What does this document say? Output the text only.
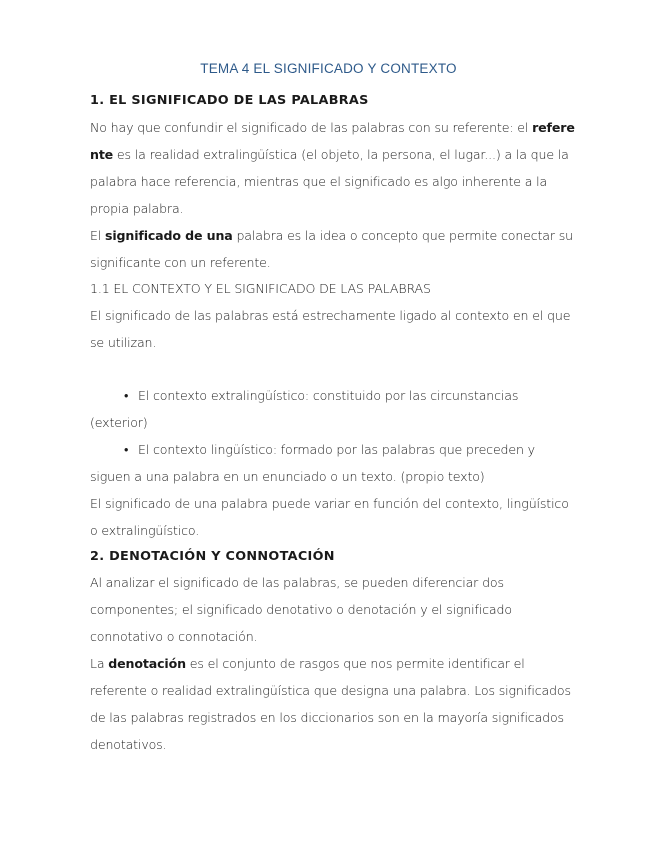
TEMA 4 EL SIGNIFICADO Y CONTEXTO
1. EL SIGNIFICADO DE LAS PALABRAS
No hay que confundir el significado de las palabras con su referente: el refere
nte es la realidad extralingüística (el objeto, la persona, el lugar...) a la que la
palabra hace referencia, mientras que el significado es algo inherente a la
propia palabra.
El significado de una palabra es la idea o concepto que permite conectar su
significante con un referente.
1.1 EL CONTEXTO Y EL SIGNIFICADO DE LAS PALABRAS
El significado de las palabras está estrechamente ligado al contexto en el que
se utilizan.
• El contexto extralingüístico: constituido por las circunstancias
(exterior)
• El contexto lingüístico: formado por las palabras que preceden y
siguen a una palabra en un enunciado o un texto. (propio texto)
El significado de una palabra puede variar en función del contexto, lingüístico
o extralingüístico.
2. DENOTACIÓN Y CONNOTACIÓN
Al analizar el significado de las palabras, se pueden diferenciar dos
componentes; el significado denotativo o denotación y el significado
connotativo o connotación.
La denotación es el conjunto de rasgos que nos permite identificar el
referente o realidad extralingüística que designa una palabra. Los significados
de las palabras registrados en los diccionarios son en la mayoría significados
denotativos.
